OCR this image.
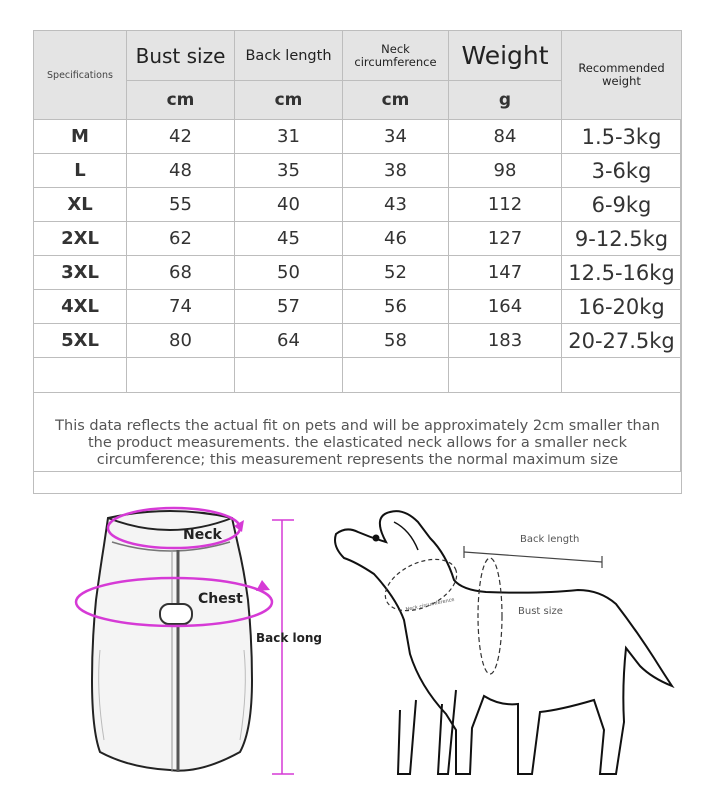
Specifications	Bust size	Back length	Neck circumference	Weight	Recommended weight
	cm	cm	cm	g	
M	42	31	34	84	1.5-3kg
L	48	35	38	98	3-6kg
XL	55	40	43	112	6-9kg
2XL	62	45	46	127	9-12.5kg
3XL	68	50	52	147	12.5-16kg
4XL	74	57	56	164	16-20kg
5XL	80	64	58	183	20-27.5kg

This data reflects the actual fit on pets and will be approximately 2cm smaller than the product measurements. the elasticated neck allows for a smaller neck circumference; this measurement represents the normal maximum size					
Neck
Chest
Back long
Back length
Bust size
Neck circumference
